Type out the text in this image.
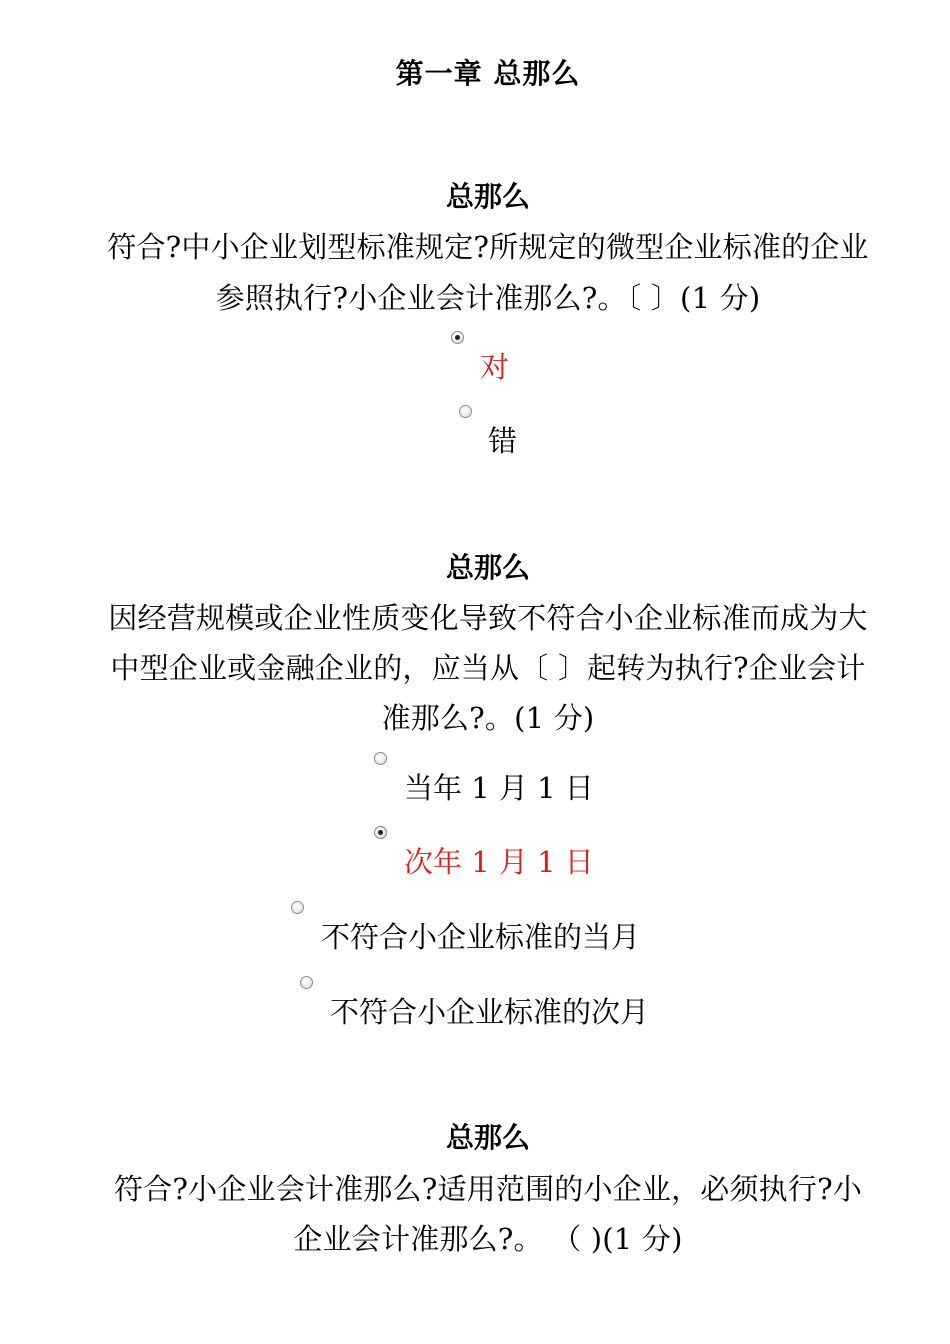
第一章 总那么
总那么
符合?中小企业划型标准规定?所规定的微型企业标准的企业
参照执行?小企业会计准那么?。〔 〕(1 分)
对
错
总那么
因经营规模或企业性质变化导致不符合小企业标准而成为大
中型企业或金融企业的，应当从〔 〕起转为执行?企业会计
准那么?。(1 分)
当年 1 月 1 日
次年 1 月 1 日
不符合小企业标准的当月
不符合小企业标准的次月
总那么
符合?小企业会计准那么?适用范围的小企业，必须执行?小
企业会计准那么?。 （ )(1 分)
